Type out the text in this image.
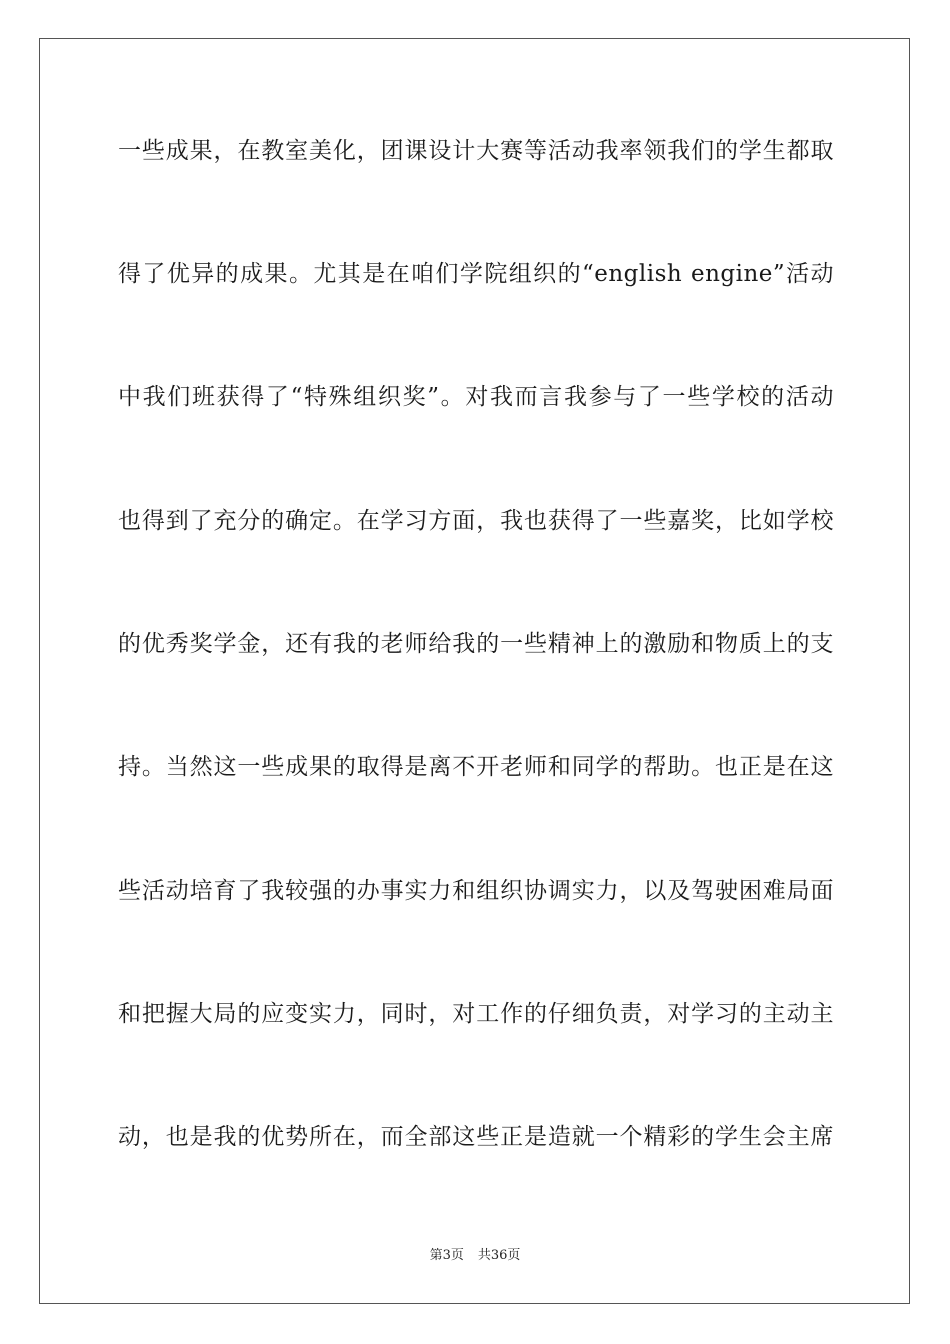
一些成果，在教室美化，团课设计大赛等活动我率领我们的学生都取
得了优异的成果。尤其是在咱们学院组织的“english engine”活动
中我们班获得了“特殊组织奖”。对我而言我参与了一些学校的活动
也得到了充分的确定。在学习方面，我也获得了一些嘉奖，比如学校
的优秀奖学金，还有我的老师给我的一些精神上的激励和物质上的支
持。当然这一些成果的取得是离不开老师和同学的帮助。也正是在这
些活动培育了我较强的办事实力和组织协调实力，以及驾驶困难局面
和把握大局的应变实力，同时，对工作的仔细负责，对学习的主动主
动，也是我的优势所在，而全部这些正是造就一个精彩的学生会主席
第3页 共36页
